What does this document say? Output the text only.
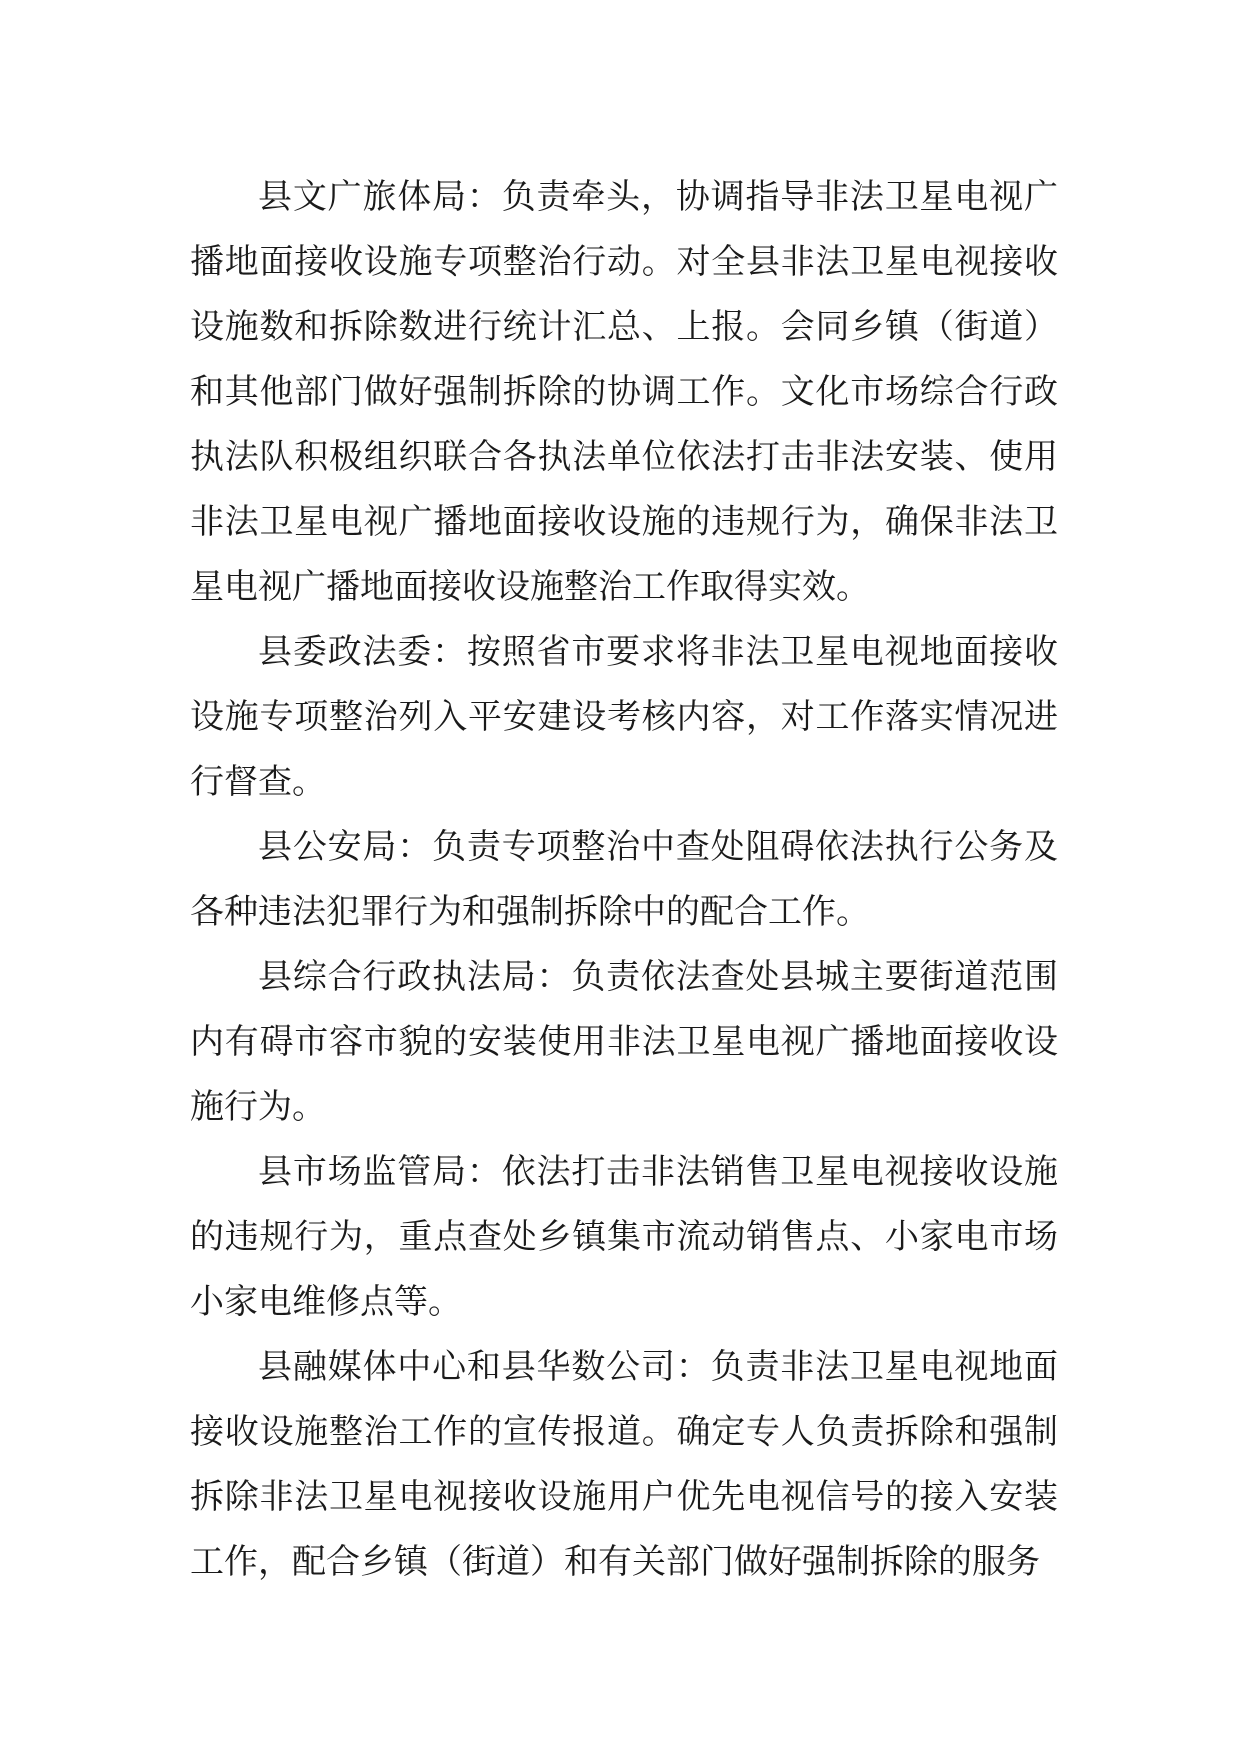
县文广旅体局：负责牵头，协调指导非法卫星电视广播地面接收设施专项整治行动。对全县非法卫星电视接收设施数和拆除数进行统计汇总、上报。会同乡镇（街道）和其他部门做好强制拆除的协调工作。文化市场综合行政执法队积极组织联合各执法单位依法打击非法安装、使用非法卫星电视广播地面接收设施的违规行为，确保非法卫星电视广播地面接收设施整治工作取得实效。

县委政法委：按照省市要求将非法卫星电视地面接收设施专项整治列入平安建设考核内容，对工作落实情况进行督查。

县公安局：负责专项整治中查处阻碍依法执行公务及各种违法犯罪行为和强制拆除中的配合工作。

县综合行政执法局：负责依法查处县城主要街道范围内有碍市容市貌的安装使用非法卫星电视广播地面接收设施行为。

县市场监管局：依法打击非法销售卫星电视接收设施的违规行为，重点查处乡镇集市流动销售点、小家电市场小家电维修点等。

县融媒体中心和县华数公司：负责非法卫星电视地面接收设施整治工作的宣传报道。确定专人负责拆除和强制拆除非法卫星电视接收设施用户优先电视信号的接入安装工作，配合乡镇（街道）和有关部门做好强制拆除的服务
